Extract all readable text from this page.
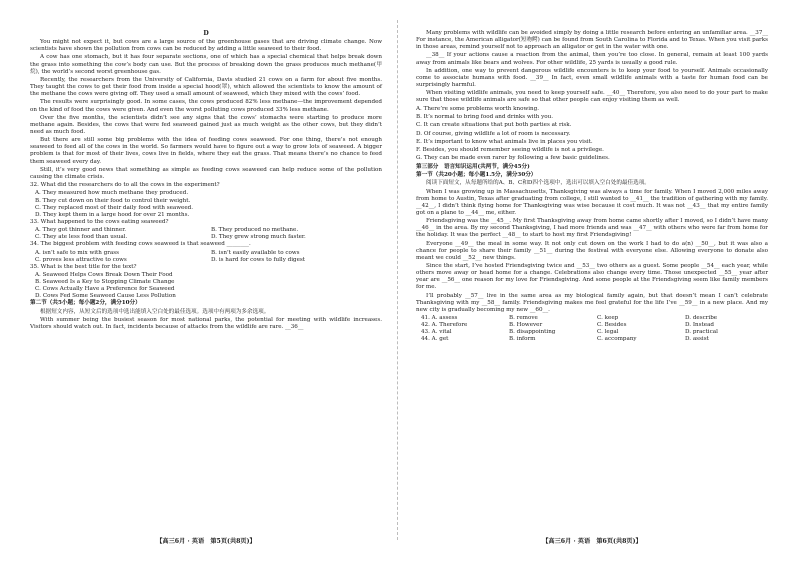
D

You might not expect it, but cows are a large source of the greenhouse gases that are driving climate change. Now scientists have shown the pollution from cows can be reduced by adding a little seaweed to their food.

A cow has one stomach, but it has four separate sections, one of which has a special chemical that helps break down the grass into something the cow’s body can use. But the process of breaking down the grass produces much methane(甲烷), the world’s second worst greenhouse gas.

Recently, the researchers from the University of California, Davis studied 21 cows on a farm for about five months. They taught the cows to get their food from inside a special hood(罩), which allowed the scientists to know the amount of the methane the cows were giving off. They used a small amount of seaweed, which they mixed with the cows’ food.

The results were surprisingly good. In some cases, the cows produced 82% less methane—the improvement depended on the kind of food the cows were given. And even the worst polluting cows produced 33% less methane.

Over the five months, the scientists didn’t see any signs that the cows’ stomachs were starting to produce more methane again. Besides, the cows that were fed seaweed gained just as much weight as the other cows, but they didn’t need as much food.

But there are still some big problems with the idea of feeding cows seaweed. For one thing, there’s not enough seaweed to feed all of the cows in the world. So farmers would have to figure out a way to grow lots of seaweed. A bigger problem is that for most of their lives, cows live in fields, where they eat the grass. That means there’s no chance to feed them seaweed every day.

Still, it’s very good news that something as simple as feeding cows seaweed can help reduce some of the pollution causing the climate crisis.

32. What did the researchers do to all the cows in the experiment?

A. They measured how much methane they produced.
B. They cut down on their food to control their weight.
C. They replaced most of their daily food with seaweed.
D. They kept them in a large hood for over 21 months.

33. What happened to the cows eating seaweed?

A. They got thinner and thinner.	B. They produced no methane.
C. They ate less food than usual.	D. They grew strong much faster.

34. The biggest problem with feeding cows seaweed is that seaweed ________.

A. isn’t safe to mix with grass	B. isn’t easily available to cows
C. proves less attractive to cows	D. is hard for cows to fully digest

35. What is the best title for the text?

A. Seaweed Helps Cows Break Down Their Food
B. Seaweed Is a Key to Stopping Climate Change
C. Cows Actually Have a Preference for Seaweed
D. Cows Fed Some Seaweed Cause Less Pollution

第二节（共5小题；每小题2分，满分10分）

根据短文内容，从短文后的选项中选出能填入空白处的最佳选项。选项中有两项为多余选项。

With summer being the busiest season for most national parks, the potential for meeting with wildlife increases. Visitors should watch out. In fact, incidents because of attacks from the wildlife are rare. __36__

Many problems with wildlife can be avoided simply by doing a little research before entering an unfamiliar area. __37__ For instance, the American alligator(短吻鳄) can be found from South Carolina to Florida and to Texas. When you visit parks in those areas, remind yourself not to approach an alligator or get in the water with one.

__38__ If your actions cause a reaction from the animal, then you’re too close. In general, remain at least 100 yards away from animals like bears and wolves. For other wildlife, 25 yards is usually a good rule.

In addition, one way to prevent dangerous wildlife encounters is to keep your food to yourself. Animals occasionally come to associate humans with food. __39__ In fact, even small wildlife animals with a taste for human food can be surprisingly harmful.

When visiting wildlife animals, you need to keep yourself safe. __40__ Therefore, you also need to do your part to make sure that those wildlife animals are safe so that other people can enjoy visiting them as well.

A. There’re some problems worth knowing.

B. It’s normal to bring food and drinks with you.

C. It can create situations that put both parties at risk.

D. Of course, giving wildlife a lot of room is necessary.

E. It’s important to know what animals live in places you visit.

F. Besides, you should remember seeing wildlife is not a privilege.

G. They can be made even rarer by following a few basic guidelines.

第三部分　语言知识运用(共两节，满分45分)

第一节（共20小题；每小题1.5分，满分30分）

阅读下面短文，从每题所给的A、B、C和D四个选项中，选出可以填入空白处的最佳选项。

When I was growing up in Massachusetts, Thanksgiving was always a time for family. When I moved 2,000 miles away from home to Austin, Texas after graduating from college, I still wanted to __41__ the tradition of gathering with my family. __42__, I didn’t think flying home for Thanksgiving was wise because it cost much. It was not __43__ that my entire family got on a plane to __44__ me, either.

Friendsgiving was the __45__. My first Thanksgiving away from home came shortly after I moved, so I didn’t have many __46__ in the area. By my second Thanksgiving, I had more friends and was __47__ with others who were far from home for the holiday. It was the perfect __48__ to start to host my first Friendsgiving!

Everyone __49__ the meal in some way. It not only cut down on the work I had to do a(n) __50__, but it was also a chance for people to share their family __51__ during the festival with everyone else. Allowing everyone to donate also meant we could __52__ new things.

Since the start, I’ve hosted Friendsgiving twice and __53__ two others as a guest. Some people __54__ each year, while others move away or head home for a change. Celebrations also change every time. Those unexpected __55__ year after year are __56__ one reason for my love for Friendsgiving. And some people at the Friendsgiving seem like family members for me.

I’ll probably __57__ live in the same area as my biological family again, but that doesn’t mean I can’t celebrate Thanksgiving with my __58__ family. Friendsgiving makes me feel grateful for the life I’ve __59__ in a new place. And my new city is gradually becoming my new __60__.

41. A. assess	B. remove	C. keep	D. describe
42. A. Therefore	B. However	C. Besides	D. Instead
43. A. vital	B. disappointing	C. legal	D. practical
44. A. get	B. inform	C. accompany	D. assist
【高三6月 · 英语　第5页(共8页)】	【高三6月 · 英语　第6页(共8页)】
